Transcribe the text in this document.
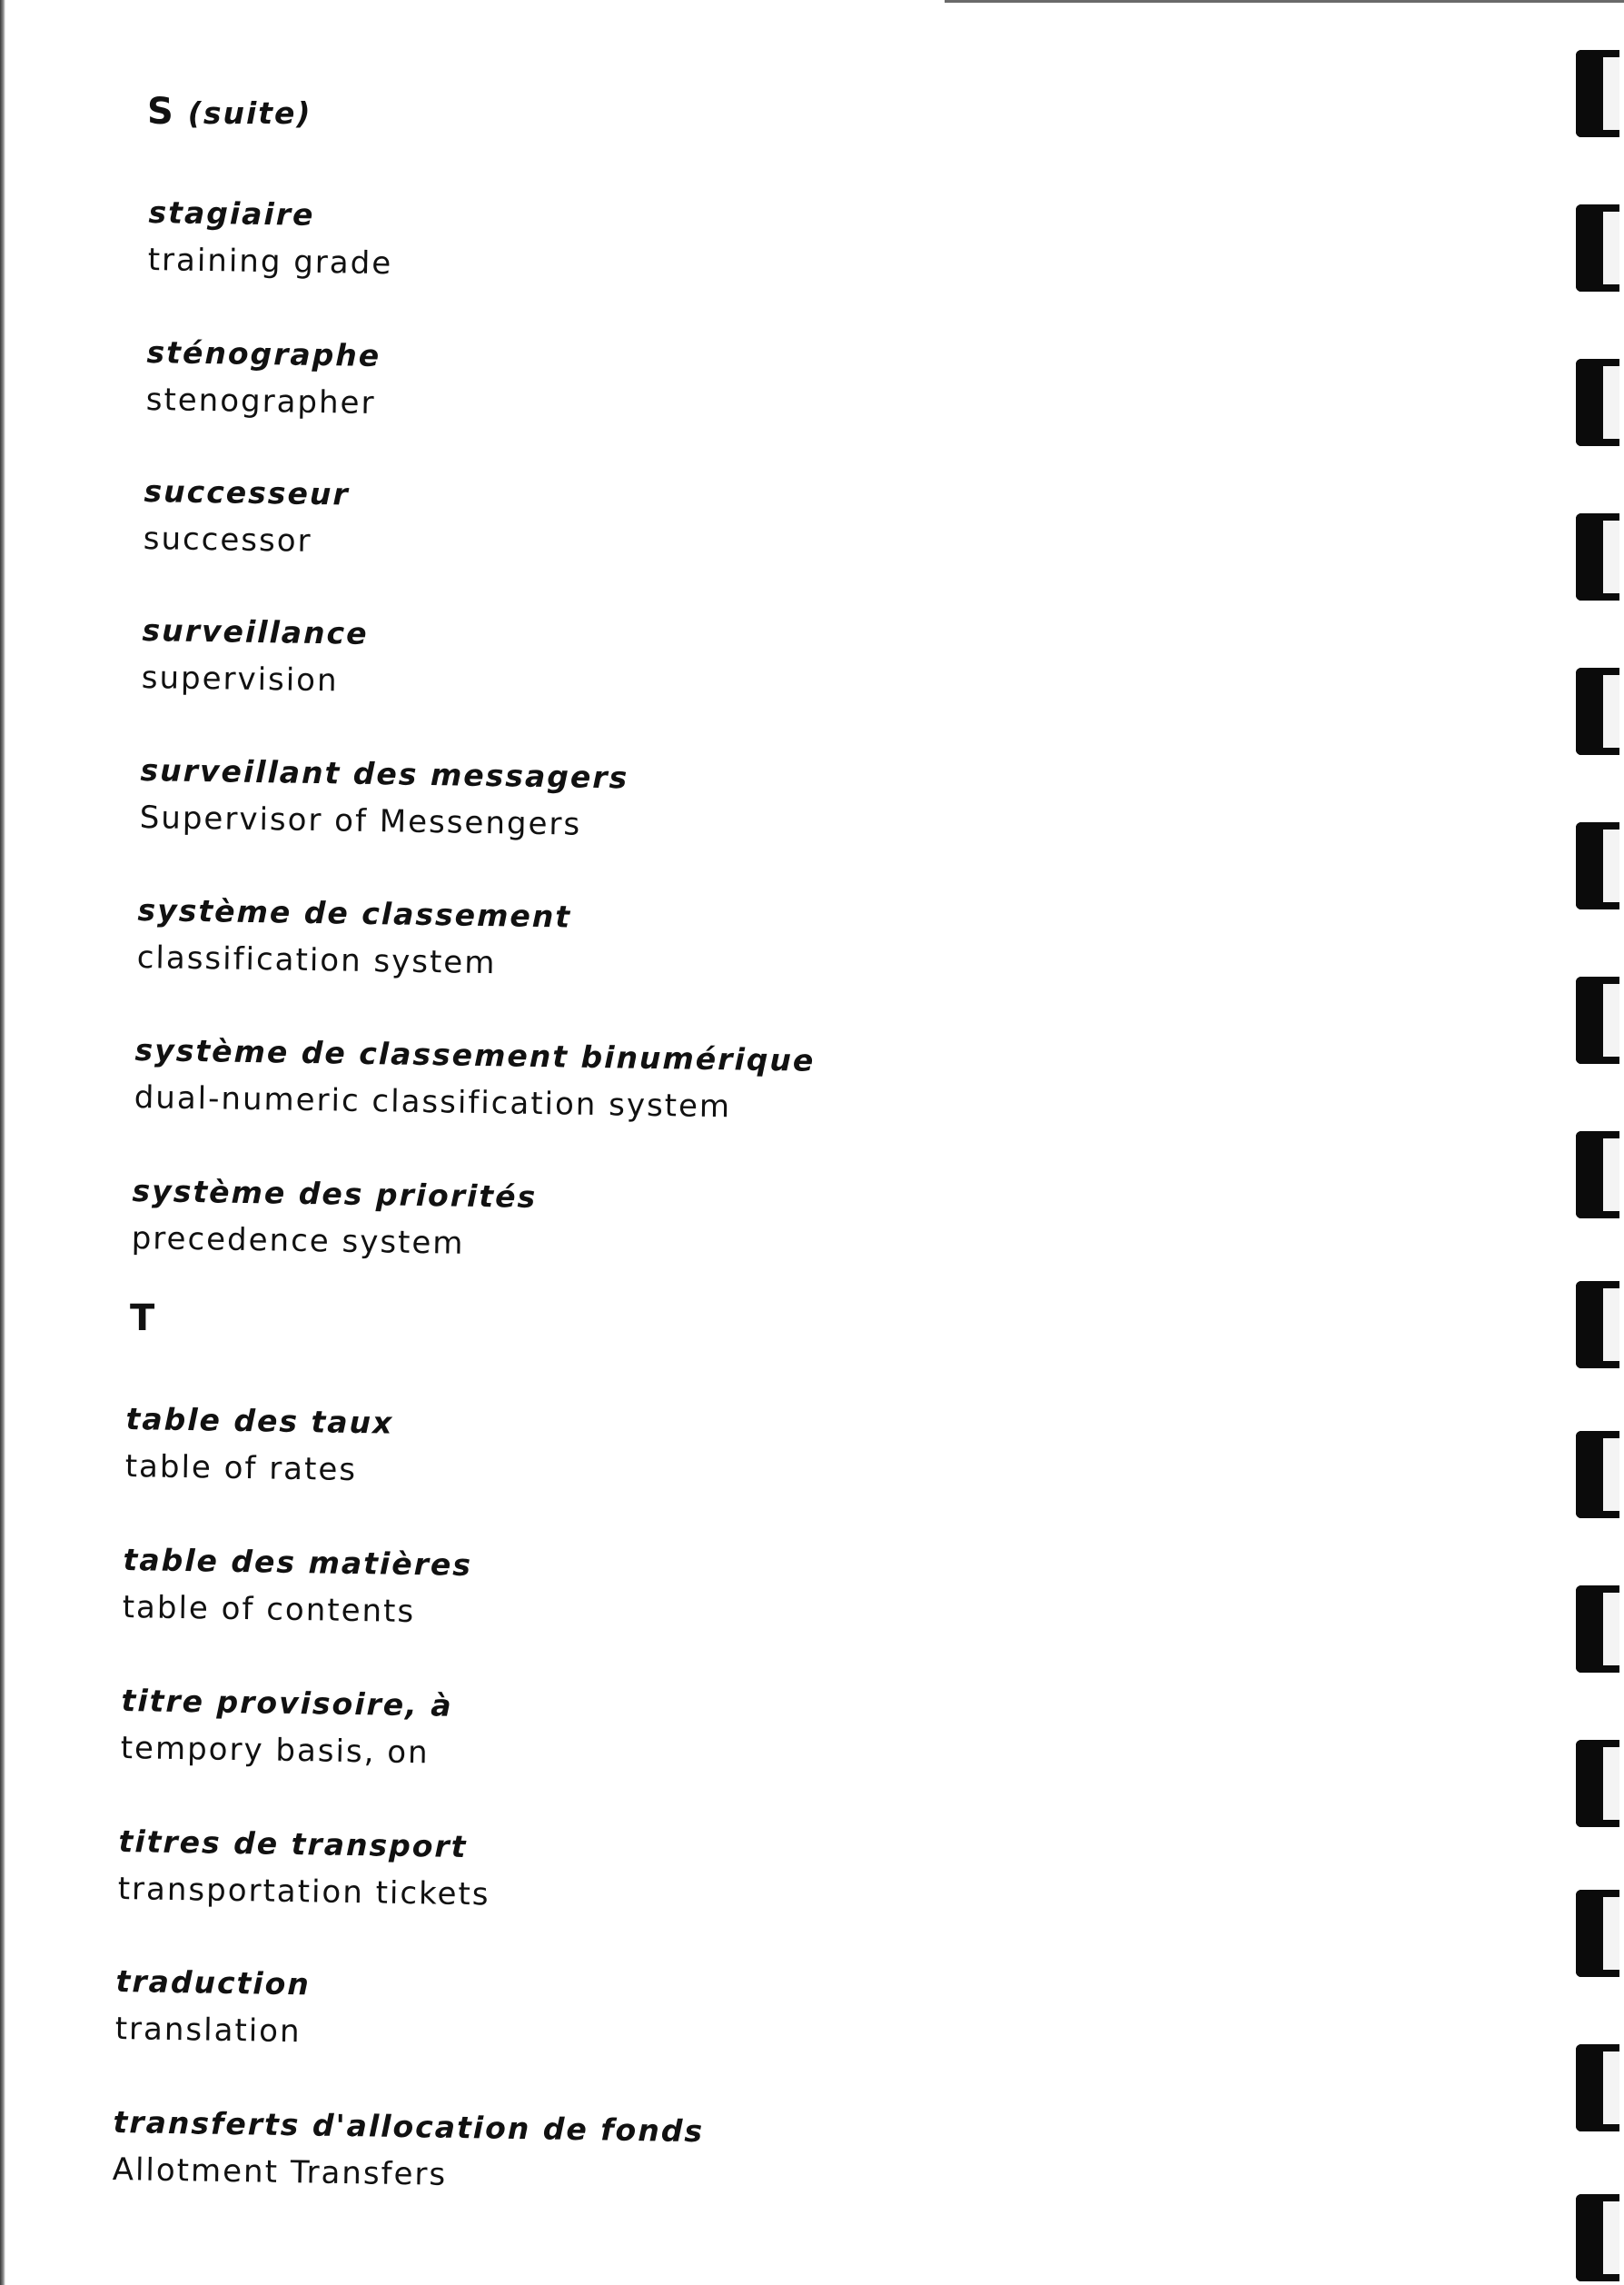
S (suite)
stagiaire
training grade
sténographe
stenographer
successeur
successor
surveillance
supervision
surveillant des messagers
Supervisor of Messengers
système de classement
classification system
système de classement binumérique
dual-numeric classification system
système des priorités
precedence system
T
table des taux
table of rates
table des matières
table of contents
titre provisoire, à
tempory basis, on
titres de transport
transportation tickets
traduction
translation
transferts d'allocation de fonds
Allotment Transfers
